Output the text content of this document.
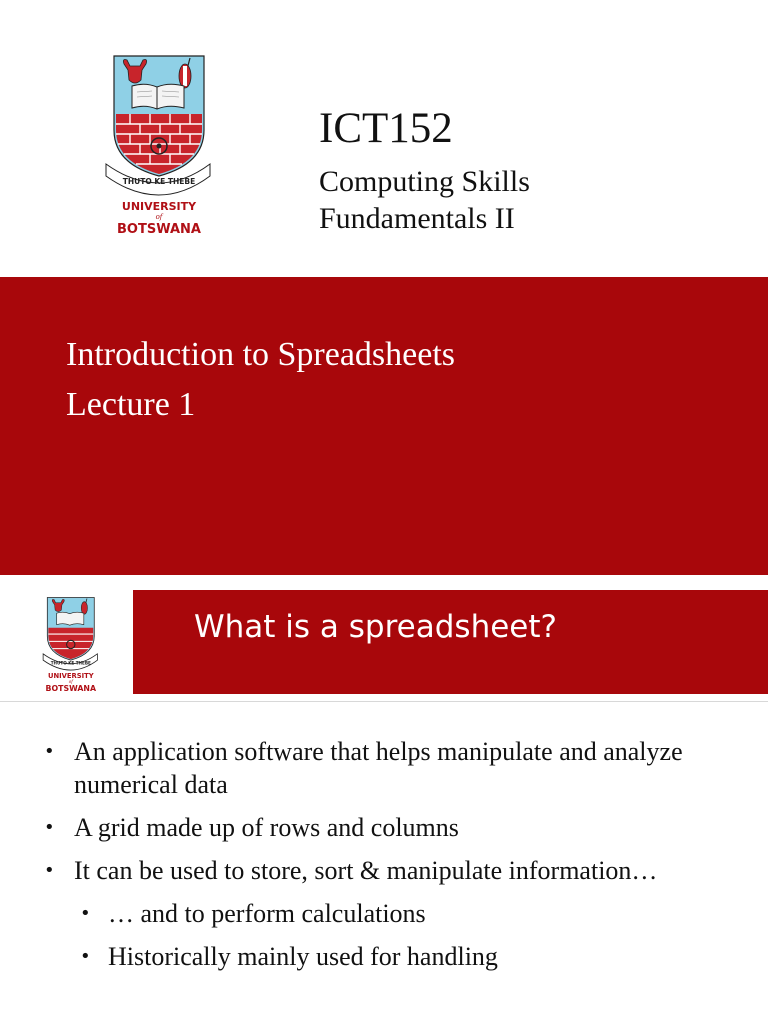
THUTO KE THEBE
UNIVERSITY
of
BOTSWANA
ICT152
Computing Skills
Fundamentals II
Introduction to Spreadsheets
Lecture 1
THUTO KE THEBE
UNIVERSITY
of
BOTSWANA
What is a spreadsheet?
• An application software that helps manipulate and analyze numerical data
• A grid made up of rows and columns
• It can be used to store, sort & manipulate information…
• … and to perform calculations
• Historically mainly used for handling
